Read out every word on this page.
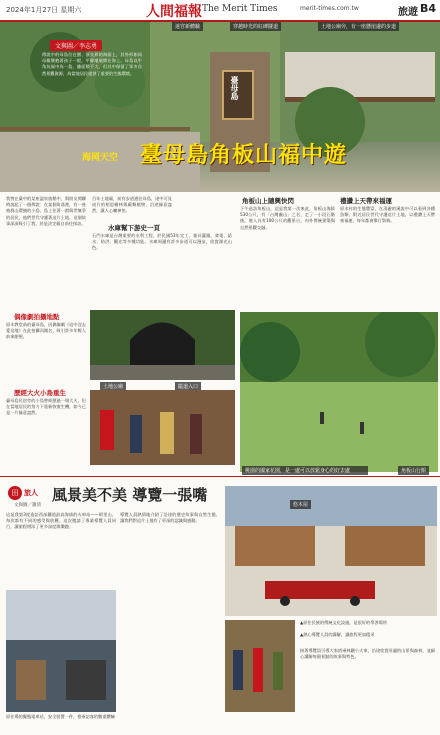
2024年1月27日 星期六	人間福報 The Merit Times	merit-times.com.tw	旅遊 B4
迷宮新體驗	穿越時光的紅磚隧道	土地公廟旁，有一座懸崖邊的步道
文與圖／李志勇
傳說中的母島位在閩、浙交界的海面上，其外形如同母親懷抱著孩子一般，平靜地展開在海上。母島以牛角坑福中為一島，雖面積不大，但其中保留了眾多自然景觀資源，為當地居民提供了重要的生態環境。
臺母島
海岡天空 臺母島角板山福中遊
我曾在臺中的某座溫泉旅館中，與朋友閒聊時說起了一個傳說：在某個角落裡，有一座被群山環繞的小島，島上住著一群與世無爭的居民，他們世代守護著這片土地。這個故事深深吸引了我，於是決定親自前往探訪。
百年土地廟，前有步道通往母島，途中可見成片的相思樹林與蕨類植物，沿途綠意盎然，讓人心曠神怡。
角板山上隨興快閃
下午造訪角板山，這是我第一次來此，角板山海拔530公尺，有「台灣盧山」之名，走了一小段石階後，進入具有100公尺的觀景台，內外傳統建築與自然景觀交融。
禮讚上天帶來福運
原木村的生態豐富，在清澈的溪流中可以看到各種魚類，附近居民世代守護這片土地，以禮讚上天帶來福運，每年都會舉行祭典。
水庫幫下游史一頁
石門水庫是台灣重要的水利工程，於民國53年完工，兼具灌溉、發電、給水、防洪、觀光等多種功能。水庫周邊有許多步道可以漫步，欣賞湖光山色。
偶像劇拍攝地點
原木教堂前的臺母島，因偶像劇《這中沒去愛這地》在此拍攝而聞名，吸引許多年輕人前來朝聖。
歷經大火小島重生
臺母島民宿旁的小島曾經歷過一場大火，但在當地居民的努力下重新恢復生機，如今已是一片綠意盎然。
土地公廟	隘道入口
桃園的國家花園，是一處可以放鬆身心的好去處	角板山行館
田 旅人
文與圖／謝清
風景美不美 導覽一張嘴
這是我第3度造訪西部鐵道最高海拔的火車站——阿里山，每次都有不同的感受與收穫。這次邀請了專業導覽人員同行，讓旅程增添了更多深度與樂趣。
導覽人員熱情地介紹了沿途的歷史故事與自然生態，讓我們對這片土地有了更深的認識與感動。
原住場的擬態電車站，安全裝置一件，搭乘訪客的數重體驗
悠木屋
▲原住民族的傳統文化設施，是很好的學習場所
▲熱心導覽人員的講解，讓旅程更加精采
接著導覽員引導大家搭乘林鐵小火車，沿途欣賞壯麗的山景與森林，並細心講解每個景點的故事與特色。
